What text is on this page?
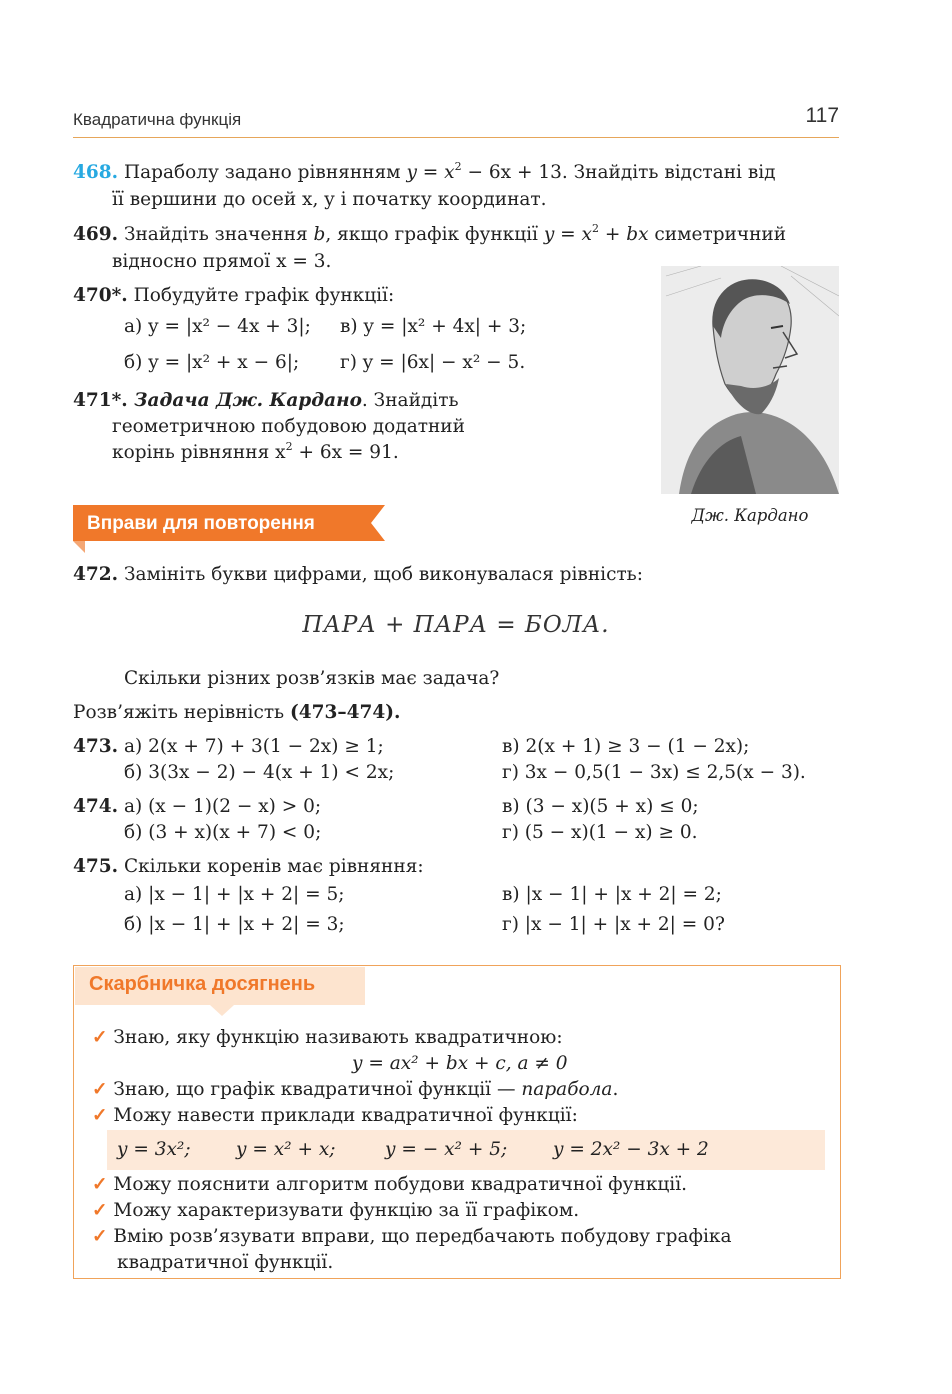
Квадратична функція	117
468. Параболу задано рівнянням $y = x^2 - 6x + 13$. Знайдіть відстані від
її вершини до осей x, y і початку координат.
469. Знайдіть значення b, якщо графік функції $y = x^2$ + bx симетричний
відносно прямої x = 3.
470*. Побудуйте графік функції:
а) y = |x² − 4x + 3|; в) y = |x² + 4x| + 3;
б) y = |x² + x − 6|; г) y = |6x| − x² − 5.
471*. Задача Дж. Кардано. Знайдіть
геометричною побудовою додатний
корінь рівняння $x^2 + 6x = 91$.
Дж. Кардано
Вправи для повторення
472. Замініть букви цифрами, щоб виконувалася рівність:
ПАРА + ПАРА = БОЛА.
Скільки різних розв’язків має задача?
Розв’яжіть нерівність (473–474).
473. а) 2(x + 7) + 3(1 − 2x) ≥ 1;
б) 3(3x − 2) − 4(x + 1) < 2x;
в) 2(x + 1) ≥ 3 − (1 − 2x);
г) 3x − 0,5(1 − 3x) ≤ 2,5(x − 3).
474. а) (x − 1)(2 − x) > 0;
б) (3 + x)(x + 7) < 0;
в) (3 − x)(5 + x) ≤ 0;
г) (5 − x)(1 − x) ≥ 0.
475. Скільки коренів має рівняння:
а) |x − 1| + |x + 2| = 5;
б) |x − 1| + |x + 2| = 3;
в) |x − 1| + |x + 2| = 2;
г) |x − 1| + |x + 2| = 0?
Скарбничка досягнень
✓ Знаю, яку функцію називають квадратичною:
y = ax² + bx + c, a ≠ 0
✓ Знаю, що графік квадратичної функції — парабола.
✓ Можу навести приклади квадратичної функції:
y = 3x²; y = x² + x;	y = − x² + 5; y = 2x² − 3x + 2
✓ Можу пояснити алгоритм побудови квадратичної функції.
✓ Можу характеризувати функцію за її графіком.
✓ Вмію розв’язувати вправи, що передбачають побудову графіка
квадратичної функції.
